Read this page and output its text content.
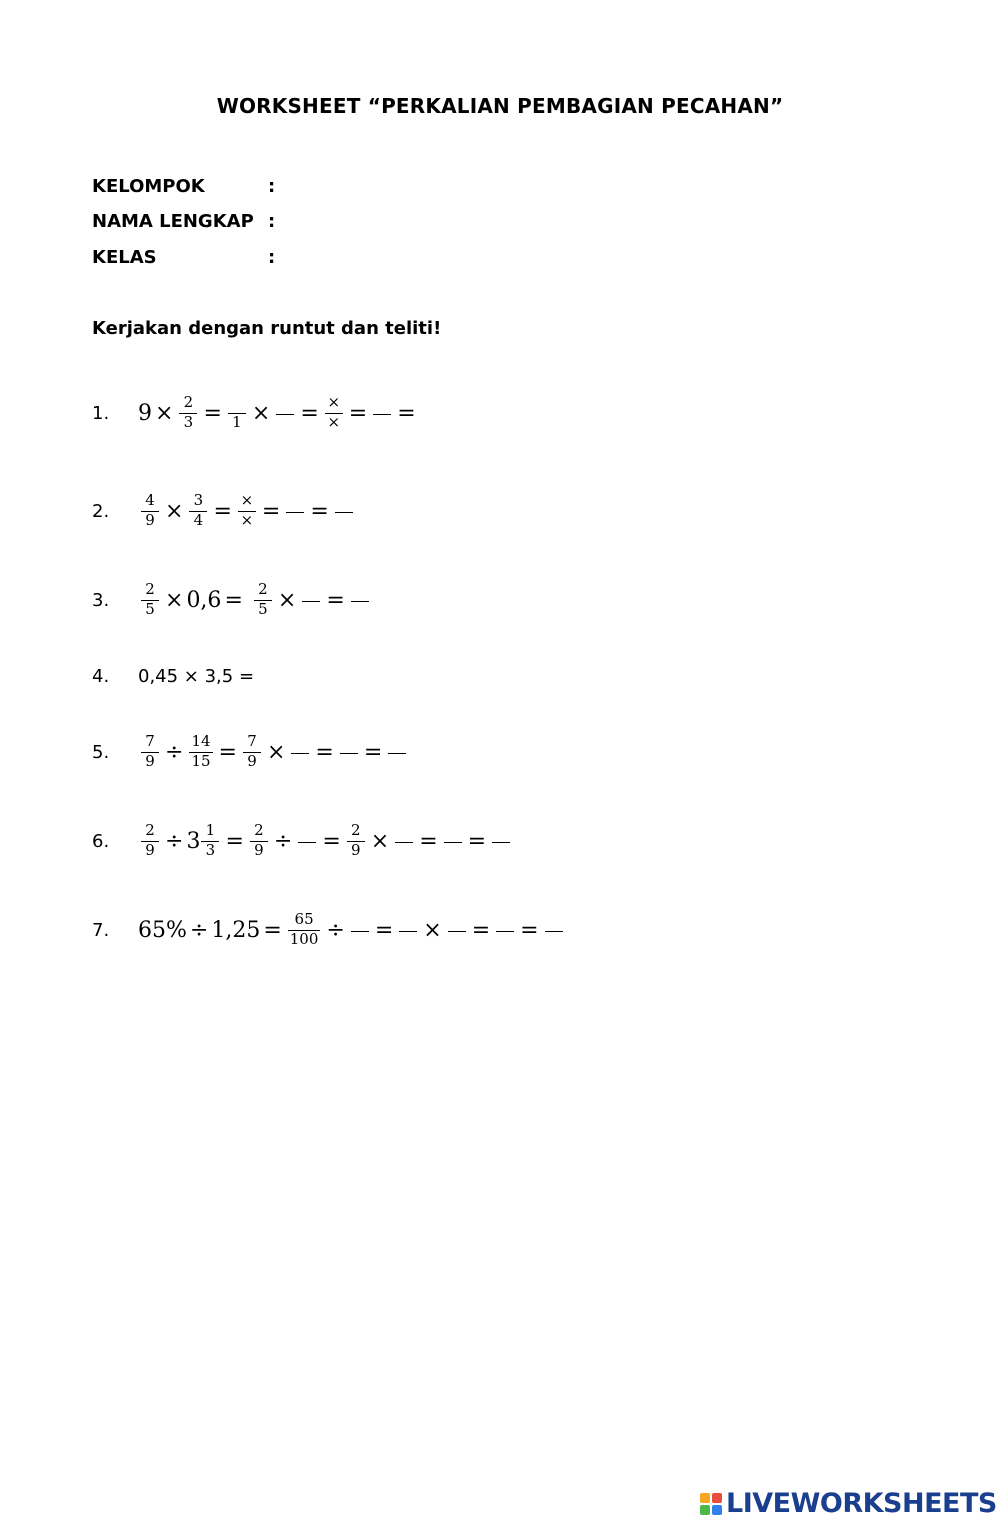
WORKSHEET “PERKALIAN PEMBAGIAN PECAHAN”
KELOMPOK	:
NAMA LENGKAP :
KELAS	:
Kerjakan dengan runtut dan teliti!
1.	$9 \times \frac{2}{3} = 1$ × = $\frac{\times}{\times}$ = =
2.	$\frac{4}{9} \times \frac{3}{4} = \frac{\times}{\times}$ = =
3.	$\frac{2}{5} \times 0,6 = \frac{2}{5}$ × =
4.	0,45 × 3,5 =
5.	$\frac{7}{9} \div \frac{14}{15} = \frac{7}{9}$ × = =
6.	$\frac{2}{9} \div 3 \frac{1}{3} = \frac{2}{9}$ ÷ = $\frac{2}{9}$ × = =
7.	$65\% \div 1,25 = \frac{65}{100}$ ÷ = × = =
LIVEWORKSHEETS
